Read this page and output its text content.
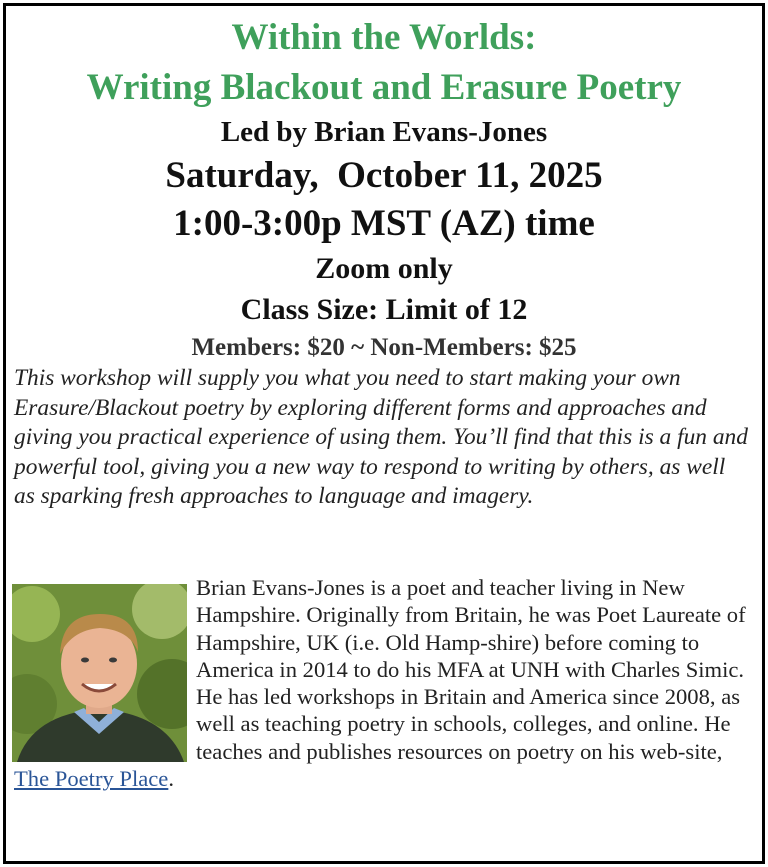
Within the Worlds:

Writing Blackout and Erasure Poetry

Led by Brian Evans-Jones

Saturday,  October 11, 2025

1:00-3:00p MST (AZ) time

Zoom only

Class Size: Limit of 12

Members: $20 ~ Non-Members: $25

This workshop will supply you what you need to start making your own Erasure/Blackout poetry by exploring different forms and approaches and giving you practical experience of using them. You’ll find that this is a fun and powerful tool, giving you a new way to respond to writing by others, as well as sparking fresh approaches to language and imagery.

Brian Evans-Jones is a poet and teacher living in New Hampshire. Originally from Britain, he was Poet Laureate of Hampshire, UK (i.e. Old Hamp-shire) before coming to America in 2014 to do his MFA at UNH with Charles Simic. He has led workshops in Britain and America since 2008, as well as teaching poetry in schools, colleges, and online. He teaches and publishes resources on poetry on his web-site, The Poetry Place.
